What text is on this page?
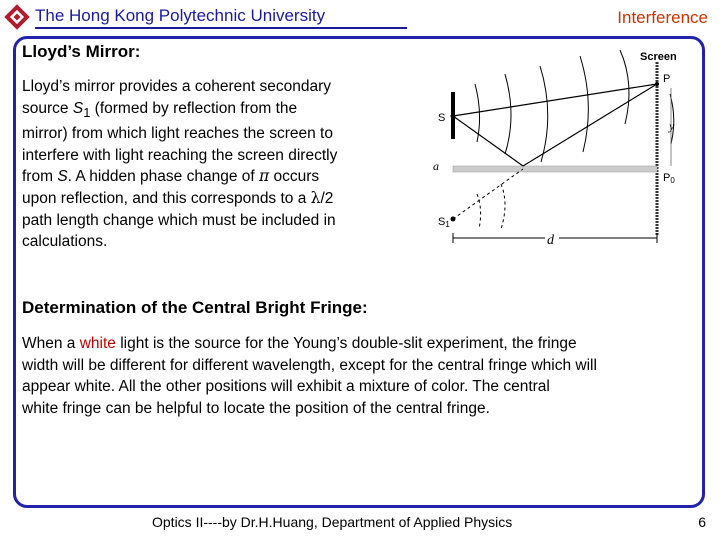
The Hong Kong Polytechnic University	Interference
Lloyd’s Mirror:
Lloyd’s mirror provides a coherent secondary
source $S_1$ (formed by reflection from the
mirror) from which light reaches the screen to
interfere with light reaching the screen directly
from S. A hidden phase change of π occurs
upon reflection, and this corresponds to a λ/2
path length change which must be included in
calculations.
Screen
S
a
S1
P
y
P0
d
Determination of the Central Bright Fringe:
When a white light is the source for the Young’s double-slit experiment, the fringe
width will be different for different wavelength, except for the central fringe which will
appear white. All the other positions will exhibit a mixture of color. The central
white fringe can be helpful to locate the position of the central fringe.
Optics II----by Dr.H.Huang, Department of Applied Physics	6
